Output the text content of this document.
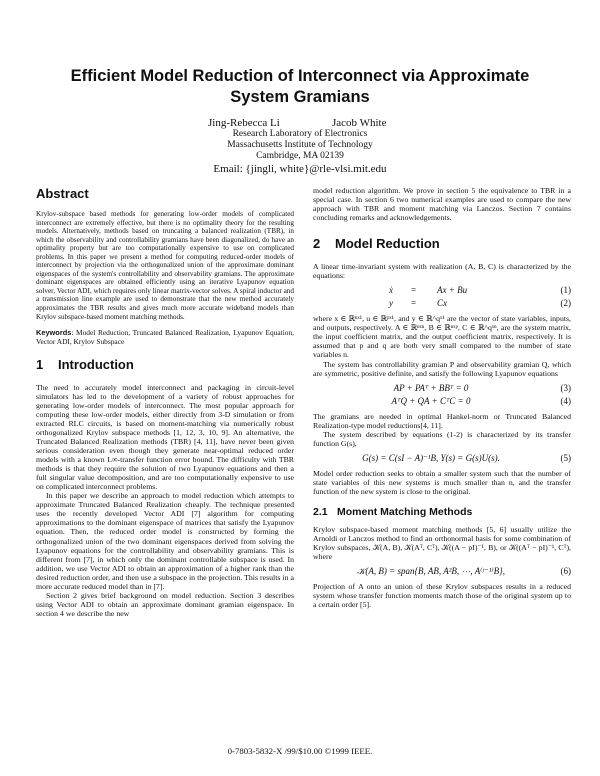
Efficient Model Reduction of Interconnect via Approximate System Gramians
Jing-Rebecca Li	Jacob White
Research Laboratory of Electronics
Massachusetts Institute of Technology
Cambridge, MA 02139
Email: {jingli, white}@rle-vlsi.mit.edu
Abstract

Krylov-subspace based methods for generating low-order models of complicated interconnect are extremely effective, but there is no optimality theory for the resulting models. Alternatively, methods based on truncating a balanced realization (TBR), in which the observability and controllability gramians have been diagonalized, do have an optimality property but are too computationally expensive to use on complicated problems. In this paper we present a method for computing reduced-order models of interconnect by projection via the orthogonalized union of the approximate dominant eigenspaces of the system's controllability and observability gramians. The approximate dominant eigenspaces are obtained efficiently using an iterative Lyapunov equation solver, Vector ADI, which requires only linear matrix-vector solves. A spiral inductor and a transmission line example are used to demonstrate that the new method accurately approximates the TBR results and gives much more accurate wideband models than Krylov subspace-based moment matching methods.

Keywords: Model Reduction, Truncated Balanced Realization, Lyapunov Equation, Vector ADI, Krylov Subspace

1 Introduction

The need to accurately model interconnect and packaging in circuit-level simulators has led to the development of a variety of robust approaches for generating low-order models of interconnect. The most popular approach for computing these low-order models, either directly from 3-D simulation or from extracted RLC circuits, is based on moment-matching via numerically robust orthogonalized Krylov subspace methods [1, 12, 3, 10, 9]. An alternative, the Truncated Balanced Realization methods (TBR) [4, 11], have never been given serious consideration even though they generate near-optimal reduced order models with a known L∞-transfer function error bound. The difficulty with TBR methods is that they require the solution of two Lyapunov equations and then a full singular value decomposition, and are too computationally expensive to use on complicated interconnect problems.

In this paper we describe an approach to model reduction which attempts to approximate Truncated Balanced Realization cheaply. The technique presented uses the recently developed Vector ADI [7] algorithm for computing approximations to the dominant eigenspace of matrices that satisfy the Lyapunov equation. Then, the reduced order model is constructed by forming the orthogonalized union of the two dominant eigenspaces derived from solving the Lyapunov equations for the controllability and observability gramians. This is different from [7], in which only the dominant controllable subspace is used. In addition, we use Vector ADI to obtain an approximation of a higher rank than the desired reduction order, and then use a subspace in the projection. This results in a more accurate reduced model than in [7].

Section 2 gives brief background on model reduction. Section 3 describes using Vector ADI to obtain an approximate dominant gramian eigenspace. In section 4 we describe the new

model reduction algorithm. We prove in section 5 the equivalence to TBR in a special case. In section 6 two numerical examples are used to compare the new approach with TBR and moment matching via Lanczos. Section 7 contains concluding remarks and acknowledgements.

2 Model Reduction

A linear time-invariant system with realization (A, B, C) is characterized by the equations:

ẋ = Ax + Bu	(1)
y = Cx	(2)

where x ∈ ℝⁿˣ¹, u ∈ ℝᵖˣ¹, and y ∈ ℝ^qˣ¹ are the vector of state variables, inputs, and outputs, respectively. A ∈ ℝⁿˣⁿ, B ∈ ℝⁿˣᵖ, C ∈ ℝ^qˣⁿ, are the system matrix, the input coefficient matrix, and the output coefficient matrix, respectively. It is assumed that p and q are both very small compared to the number of state variables n.

The system has controllability gramian P and observability gramian Q, which are symmetric, positive definite, and satisfy the following Lyapunov equations

AP + PAᵀ + BBᵀ = 0	(3)
AᵀQ + QA + CᵀC = 0	(4)

The gramians are needed in optimal Hankel-norm or Truncated Balanced Realization-type model reductions[4, 11].

The system described by equations (1-2) is characterized by its transfer function G(s),

G(s) = C(sI − A)⁻¹B, Y(s) = G(s)U(s).	(5)

Model order reduction seeks to obtain a smaller system such that the number of state variables of this new systems is much smaller than n, and the transfer function of the new system is close to the original.

2.1 Moment Matching Methods

Krylov subspace-based moment matching methods [5, 6] usually utilize the Arnoldi or Lanczos method to find an orthonormal basis for some combination of Krylov subspaces, 𝒦(A, B), 𝒦(Aᵀ, Cᵀ), 𝒦((A − pI)⁻¹, B), or 𝒦((Aᵀ − pI)⁻¹, Cᵀ), where

𝒦(A, B) = span{B, AB, A²B, ⋯, A⁽ʲ⁻¹⁾B},	(6)

Projection of A onto an union of these Krylov subspaces results in a reduced system whose transfer function moments match those of the original system up to a certain order [5].

0-7803-5832-X /99/$10.00 ©1999 IEEE.
